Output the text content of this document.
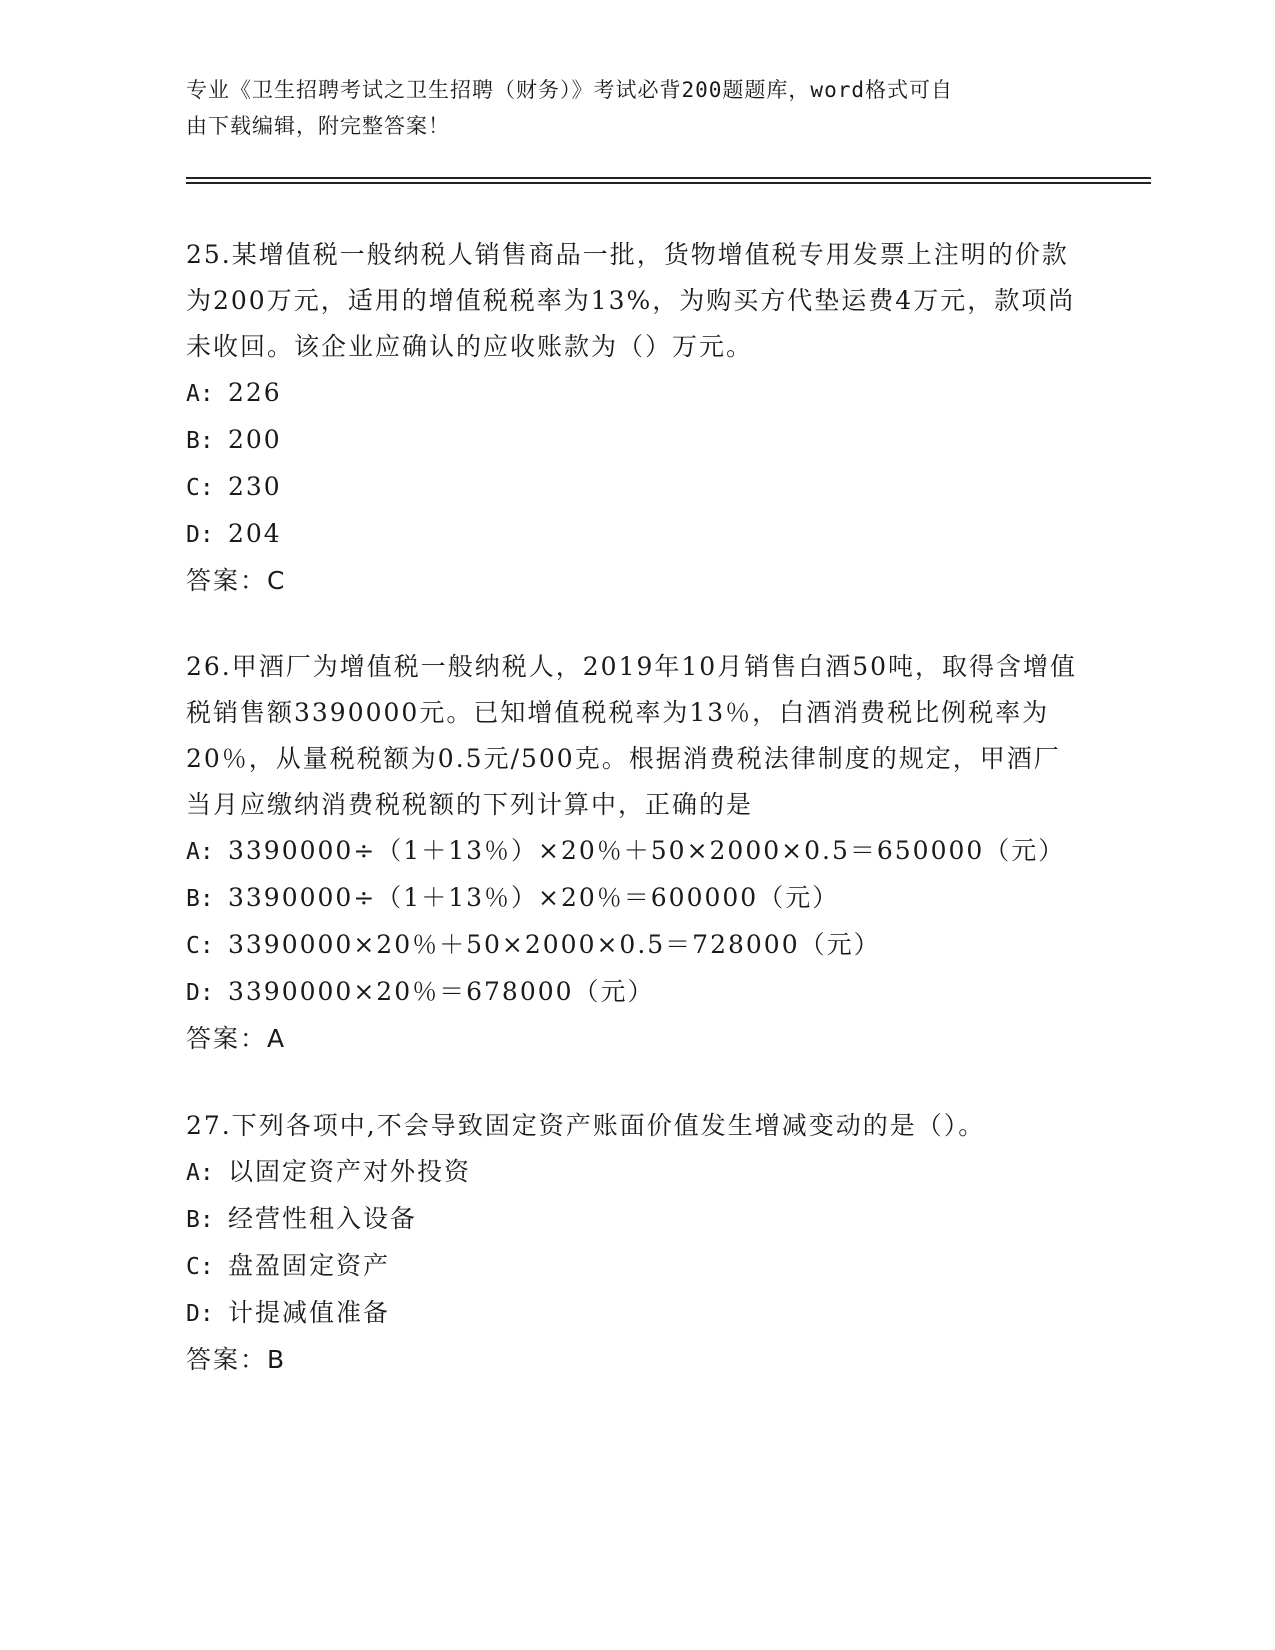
专业《卫生招聘考试之卫生招聘（财务）》考试必背200题题库，word格式可自
由下载编辑，附完整答案！

25.某增值税一般纳税人销售商品一批，货物增值税专用发票上注明的价款为200万元，适用的增值税税率为13%，为购买方代垫运费4万元，款项尚未收回。该企业应确认的应收账款为（）万元。

A: 226
B: 200
C: 230
D: 204
答案：C

26.甲酒厂为增值税一般纳税人，2019年10月销售白酒50吨，取得含增值税销售额3390000元。已知增值税税率为13％，白酒消费税比例税率为20％，从量税税额为0.5元/500克。根据消费税法律制度的规定，甲酒厂当月应缴纳消费税税额的下列计算中，正确的是

A: 3390000÷（1＋13％）×20％＋50×2000×0.5＝650000（元）
B: 3390000÷（1＋13％）×20％＝600000（元）
C: 3390000×20％＋50×2000×0.5＝728000（元）
D: 3390000×20％＝678000（元）
答案：A

27.下列各项中,不会导致固定资产账面价值发生增减变动的是（）。

A: 以固定资产对外投资
B: 经营性租入设备
C: 盘盈固定资产
D: 计提减值准备
答案：B
